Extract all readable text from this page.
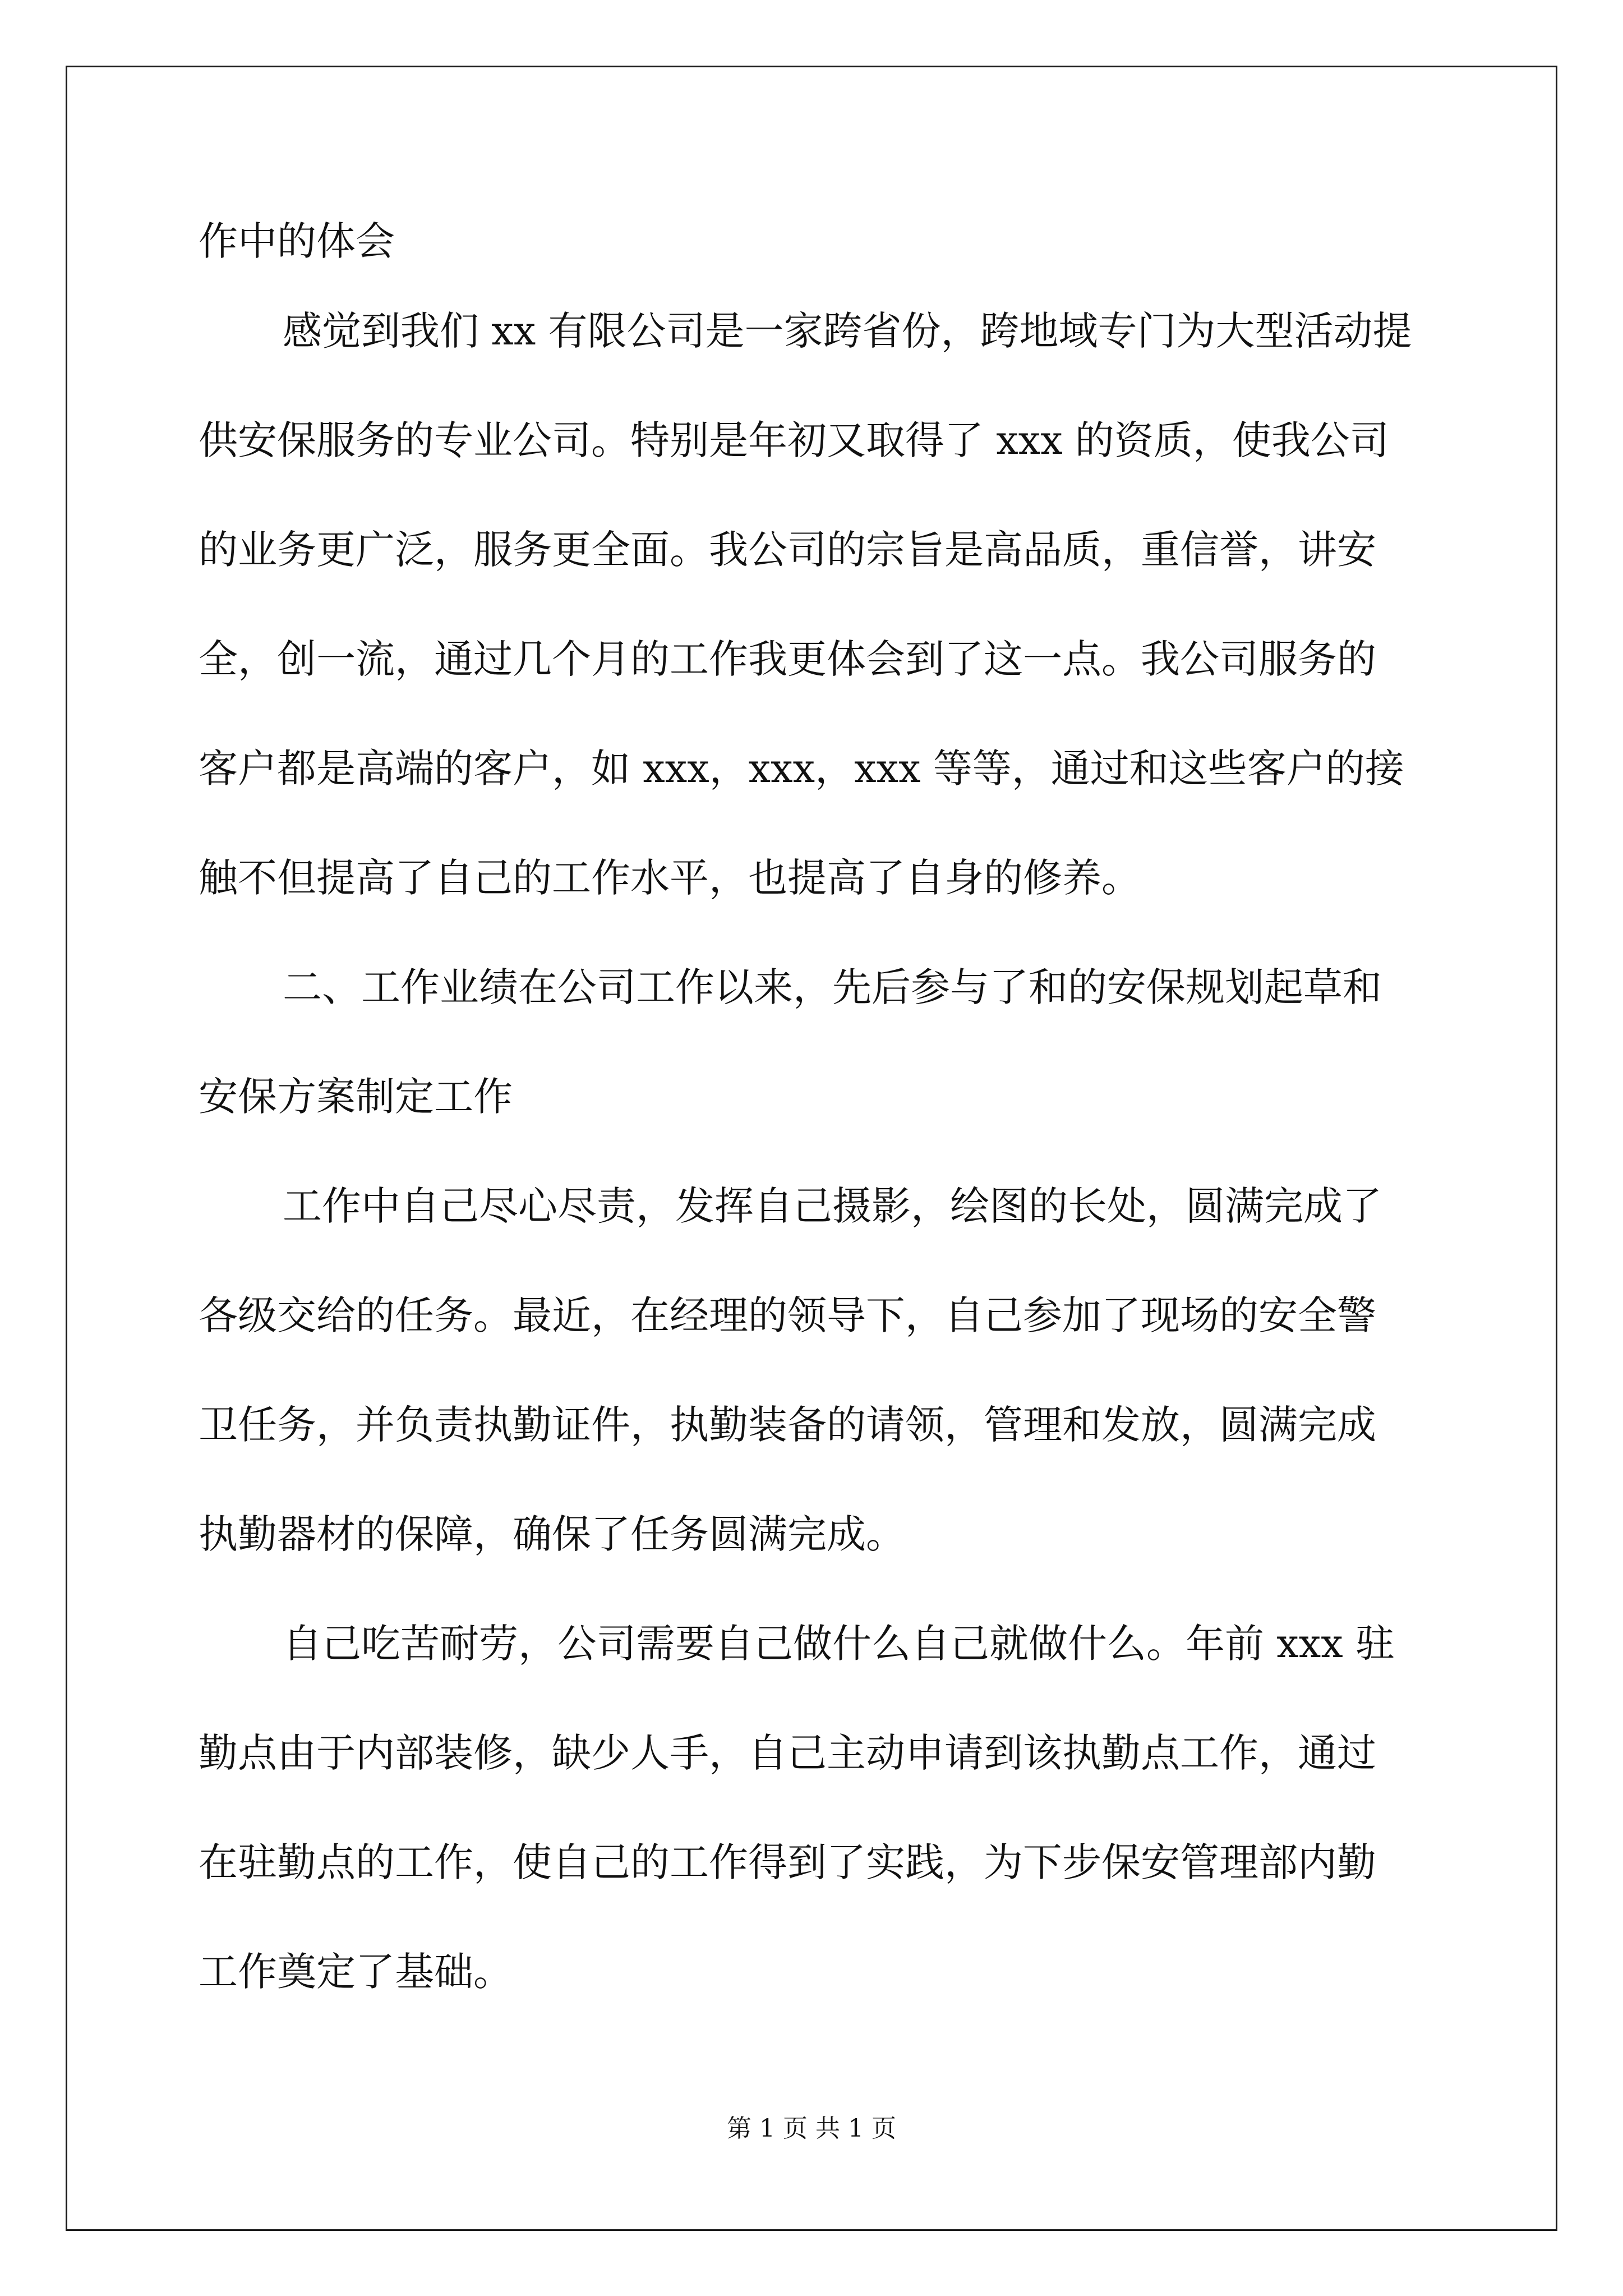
作中的体会
感觉到我们 xx 有限公司是一家跨省份，跨地域专门为大型活动提
供安保服务的专业公司。特别是年初又取得了 xxx 的资质，使我公司
的业务更广泛，服务更全面。我公司的宗旨是高品质，重信誉，讲安
全，创一流，通过几个月的工作我更体会到了这一点。我公司服务的
客户都是高端的客户，如 xxx，xxx，xxx 等等，通过和这些客户的接
触不但提高了自己的工作水平，也提高了自身的修养。
二、工作业绩在公司工作以来，先后参与了和的安保规划起草和
安保方案制定工作
工作中自己尽心尽责，发挥自己摄影，绘图的长处，圆满完成了
各级交给的任务。最近，在经理的领导下，自己参加了现场的安全警
卫任务，并负责执勤证件，执勤装备的请领，管理和发放，圆满完成
执勤器材的保障，确保了任务圆满完成。
自己吃苦耐劳，公司需要自己做什么自己就做什么。年前 xxx 驻
勤点由于内部装修，缺少人手，自己主动申请到该执勤点工作，通过
在驻勤点的工作，使自己的工作得到了实践，为下步保安管理部内勤
工作奠定了基础。
第 1 页 共 1 页
